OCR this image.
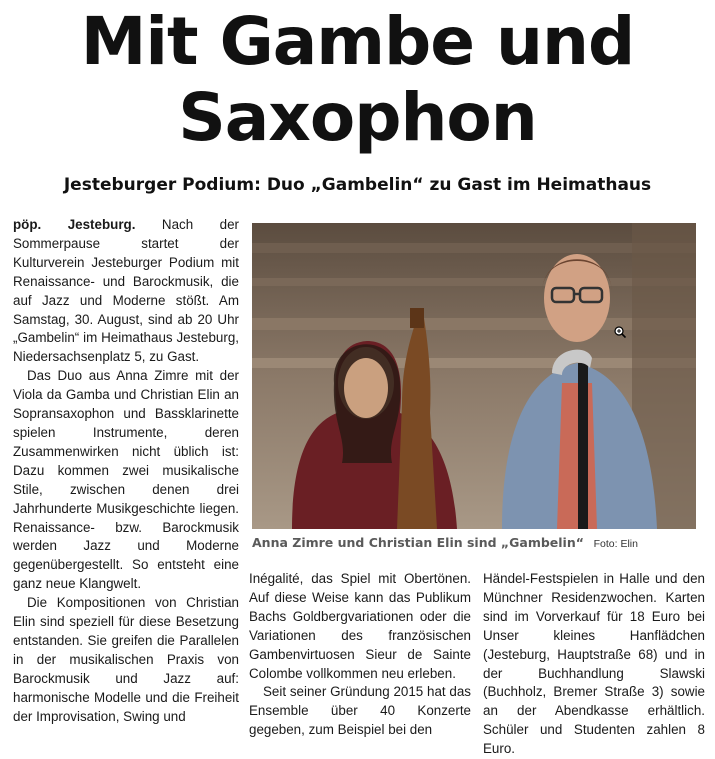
Mit Gambe und
Saxophon
Jesteburger Podium: Duo „Gambelin“ zu Gast im Heimathaus

pöp. Jesteburg. Nach der Sommerpause startet der Kulturverein Jesteburger Podium mit Renaissance- und Barockmusik, die auf Jazz und Moderne stößt. Am Samstag, 30. August, sind ab 20 Uhr „Gambelin“ im Heimathaus Jesteburg, Niedersachsenplatz 5, zu Gast.

Das Duo aus Anna Zimre mit der Viola da Gamba und Christian Elin an Sopransaxophon und Bassklarinette spielen Instrumente, deren Zusammenwirken nicht üblich ist: Dazu kommen zwei musikalische Stile, zwischen denen drei Jahrhunderte Musikgeschichte liegen. Renaissance- bzw. Barockmusik werden Jazz und Moderne gegenübergestellt. So entsteht eine ganz neue Klangwelt.

Die Kompositionen von Christian Elin sind speziell für diese Besetzung entstanden. Sie greifen die Parallelen in der musikalischen Praxis von Barockmusik und Jazz auf: harmonische Modelle und die Freiheit der Improvisation, Swing und

Anna Zimre und Christian Elin sind „Gambelin“ Foto: Elin

Inégalité, das Spiel mit Obertönen. Auf diese Weise kann das Publikum Bachs Goldbergvariationen oder die Variationen des französischen Gambenvirtuosen Sieur de Sainte Colombe vollkommen neu erleben.

Seit seiner Gründung 2015 hat das Ensemble über 40 Konzerte gegeben, zum Beispiel bei den

Händel-Festspielen in Halle und den Münchner Residenzwochen. Karten sind im Vorverkauf für 18 Euro bei Unser kleines Hanflädchen (Jesteburg, Hauptstraße 68) und in der Buchhandlung Slawski (Buchholz, Bremer Straße 3) sowie an der Abendkasse erhältlich. Schüler und Studenten zahlen 8 Euro.
